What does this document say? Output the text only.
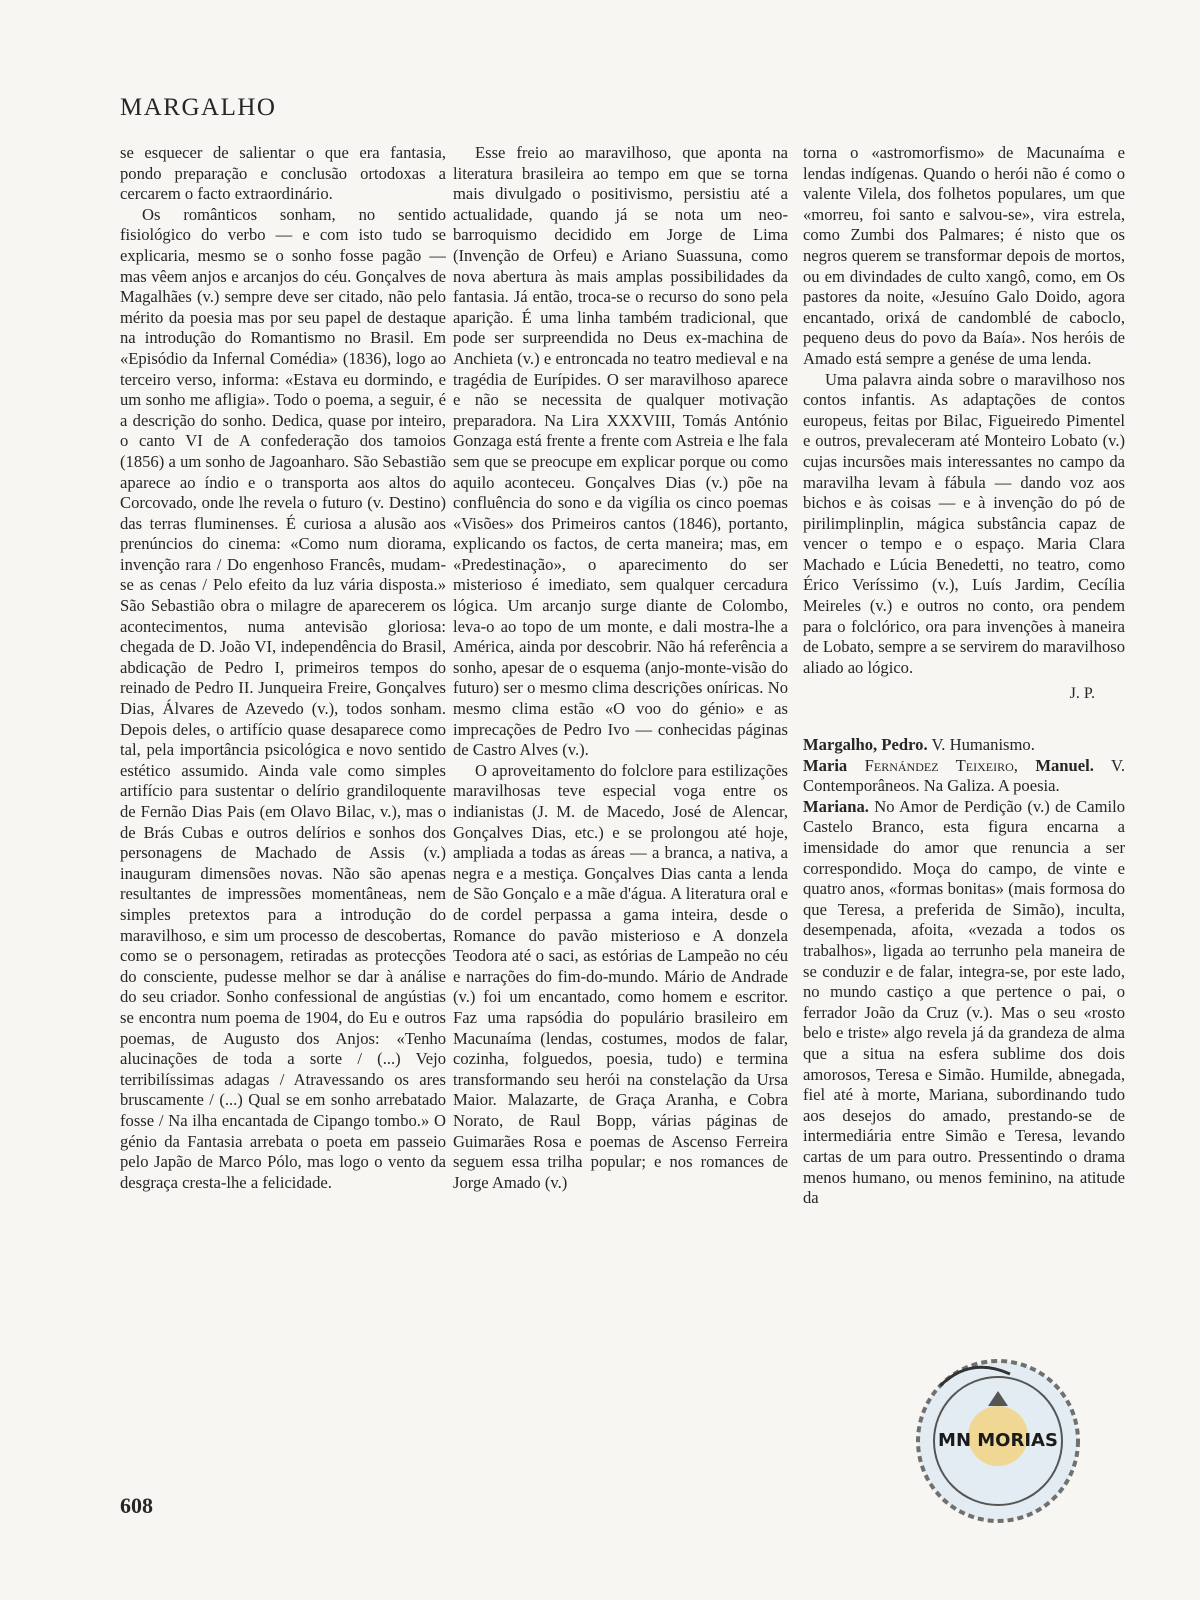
MARGALHO

se esquecer de salientar o que era fantasia, pondo preparação e conclusão ortodoxas a cercarem o facto extraordinário.

Os românticos sonham, no sentido fisiológico do verbo — e com isto tudo se explicaria, mesmo se o sonho fosse pagão — mas vêem anjos e arcanjos do céu. Gonçalves de Magalhães (v.) sempre deve ser citado, não pelo mérito da poesia mas por seu papel de destaque na introdução do Romantismo no Brasil. Em «Episódio da Infernal Comédia» (1836), logo ao terceiro verso, informa: «Estava eu dormindo, e um sonho me afligia». Todo o poema, a seguir, é a descrição do sonho. Dedica, quase por inteiro, o canto VI de A confederação dos tamoios (1856) a um sonho de Jagoanharo. São Sebastião aparece ao índio e o transporta aos altos do Corcovado, onde lhe revela o futuro (v. Destino) das terras fluminenses. É curiosa a alusão aos prenúncios do cinema: «Como num diorama, invenção rara / Do engenhoso Francês, mudam-se as cenas / Pelo efeito da luz vária disposta.» São Sebastião obra o milagre de aparecerem os acontecimentos, numa antevisão gloriosa: chegada de D. João VI, independência do Brasil, abdicação de Pedro I, primeiros tempos do reinado de Pedro II. Junqueira Freire, Gonçalves Dias, Álvares de Azevedo (v.), todos sonham. Depois deles, o artifício quase desaparece como tal, pela importância psicológica e novo sentido estético assumido. Ainda vale como simples artifício para sustentar o delírio grandiloquente de Fernão Dias Pais (em Olavo Bilac, v.), mas o de Brás Cubas e outros delírios e sonhos dos personagens de Machado de Assis (v.) inauguram dimensões novas. Não são apenas resultantes de impressões momentâneas, nem simples pretextos para a introdução do maravilhoso, e sim um processo de descobertas, como se o personagem, retiradas as protecções do consciente, pudesse melhor se dar à análise do seu criador. Sonho confessional de angústias se encontra num poema de 1904, do Eu e outros poemas, de Augusto dos Anjos: «Tenho alucinações de toda a sorte / (...) Vejo terribilíssimas adagas / Atravessando os ares bruscamente / (...) Qual se em sonho arrebatado fosse / Na ilha encantada de Cipango tombo.» O génio da Fantasia arrebata o poeta em passeio pelo Japão de Marco Pólo, mas logo o vento da desgraça cresta-lhe a felicidade.

Esse freio ao maravilhoso, que aponta na literatura brasileira ao tempo em que se torna mais divulgado o positivismo, persistiu até a actualidade, quando já se nota um neo-barroquismo decidido em Jorge de Lima (Invenção de Orfeu) e Ariano Suassuna, como nova abertura às mais amplas possibilidades da fantasia. Já então, troca-se o recurso do sono pela aparição. É uma linha também tradicional, que pode ser surpreendida no Deus ex-machina de Anchieta (v.) e entroncada no teatro medieval e na tragédia de Eurípides. O ser maravilhoso aparece e não se necessita de qualquer motivação preparadora. Na Lira XXXVIII, Tomás António Gonzaga está frente a frente com Astreia e lhe fala sem que se preocupe em explicar porque ou como aquilo aconteceu. Gonçalves Dias (v.) põe na confluência do sono e da vigília os cinco poemas «Visões» dos Primeiros cantos (1846), portanto, explicando os factos, de certa maneira; mas, em «Predestinação», o aparecimento do ser misterioso é imediato, sem qualquer cercadura lógica. Um arcanjo surge diante de Colombo, leva-o ao topo de um monte, e dali mostra-lhe a América, ainda por descobrir. Não há referência a sonho, apesar de o esquema (anjo-monte-visão do futuro) ser o mesmo clima descrições oníricas. No mesmo clima estão «O voo do génio» e as imprecações de Pedro Ivo — conhecidas páginas de Castro Alves (v.).

O aproveitamento do folclore para estilizações maravilhosas teve especial voga entre os indianistas (J. M. de Macedo, José de Alencar, Gonçalves Dias, etc.) e se prolongou até hoje, ampliada a todas as áreas — a branca, a nativa, a negra e a mestiça. Gonçalves Dias canta a lenda de São Gonçalo e a mãe d'água. A literatura oral e de cordel perpassa a gama inteira, desde o Romance do pavão misterioso e A donzela Teodora até o saci, as estórias de Lampeão no céu e narrações do fim-do-mundo. Mário de Andrade (v.) foi um encantado, como homem e escritor. Faz uma rapsódia do populário brasileiro em Macunaíma (lendas, costumes, modos de falar, cozinha, folguedos, poesia, tudo) e termina transformando seu herói na constelação da Ursa Maior. Malazarte, de Graça Aranha, e Cobra Norato, de Raul Bopp, várias páginas de Guimarães Rosa e poemas de Ascenso Ferreira seguem essa trilha popular; e nos romances de Jorge Amado (v.)

torna o «astromorfismo» de Macunaíma e lendas indígenas. Quando o herói não é como o valente Vilela, dos folhetos populares, um que «morreu, foi santo e salvou-se», vira estrela, como Zumbi dos Palmares; é nisto que os negros querem se transformar depois de mortos, ou em divindades de culto xangô, como, em Os pastores da noite, «Jesuíno Galo Doido, agora encantado, orixá de candomblé de caboclo, pequeno deus do povo da Baía». Nos heróis de Amado está sempre a genése de uma lenda.

Uma palavra ainda sobre o maravilhoso nos contos infantis. As adaptações de contos europeus, feitas por Bilac, Figueiredo Pimentel e outros, prevaleceram até Monteiro Lobato (v.) cujas incursões mais interessantes no campo da maravilha levam à fábula — dando voz aos bichos e às coisas — e à invenção do pó de pirilimplinplin, mágica substância capaz de vencer o tempo e o espaço. Maria Clara Machado e Lúcia Benedetti, no teatro, como Érico Veríssimo (v.), Luís Jardim, Cecília Meireles (v.) e outros no conto, ora pendem para o folclórico, ora para invenções à maneira de Lobato, sempre a se servirem do maravilhoso aliado ao lógico.

J. P.

Margalho, Pedro. V. Humanismo.

Maria Fernández Teixeiro, Manuel. V. Contemporâneos. Na Galiza. A poesia.

Mariana. No Amor de Perdição (v.) de Camilo Castelo Branco, esta figura encarna a imensidade do amor que renuncia a ser correspondido. Moça do campo, de vinte e quatro anos, «formas bonitas» (mais formosa do que Teresa, a preferida de Simão), inculta, desempenada, afoita, «vezada a todos os trabalhos», ligada ao terrunho pela maneira de se conduzir e de falar, integra-se, por este lado, no mundo castiço a que pertence o pai, o ferrador João da Cruz (v.). Mas o seu «rosto belo e triste» algo revela já da grandeza de alma que a situa na esfera sublime dos dois amorosos, Teresa e Simão. Humilde, abnegada, fiel até à morte, Mariana, subordinando tudo aos desejos do amado, prestando-se de intermediária entre Simão e Teresa, levando cartas de um para outro. Pressentindo o drama menos humano, ou menos feminino, na atitude da

608
MN MORIAS
